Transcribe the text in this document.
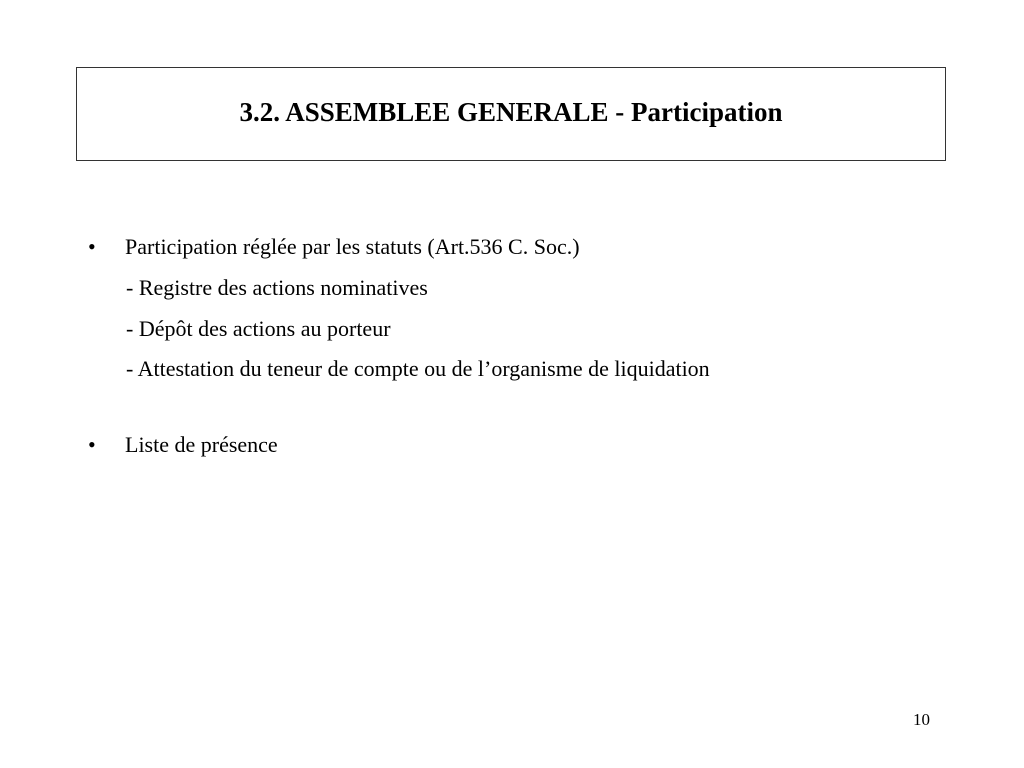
3.2. ASSEMBLEE GENERALE - Participation
• Participation réglée par les statuts (Art.536 C. Soc.)
- Registre des actions nominatives
- Dépôt des actions au porteur
- Attestation du teneur de compte ou de l’organisme de liquidation
• Liste de présence
10
